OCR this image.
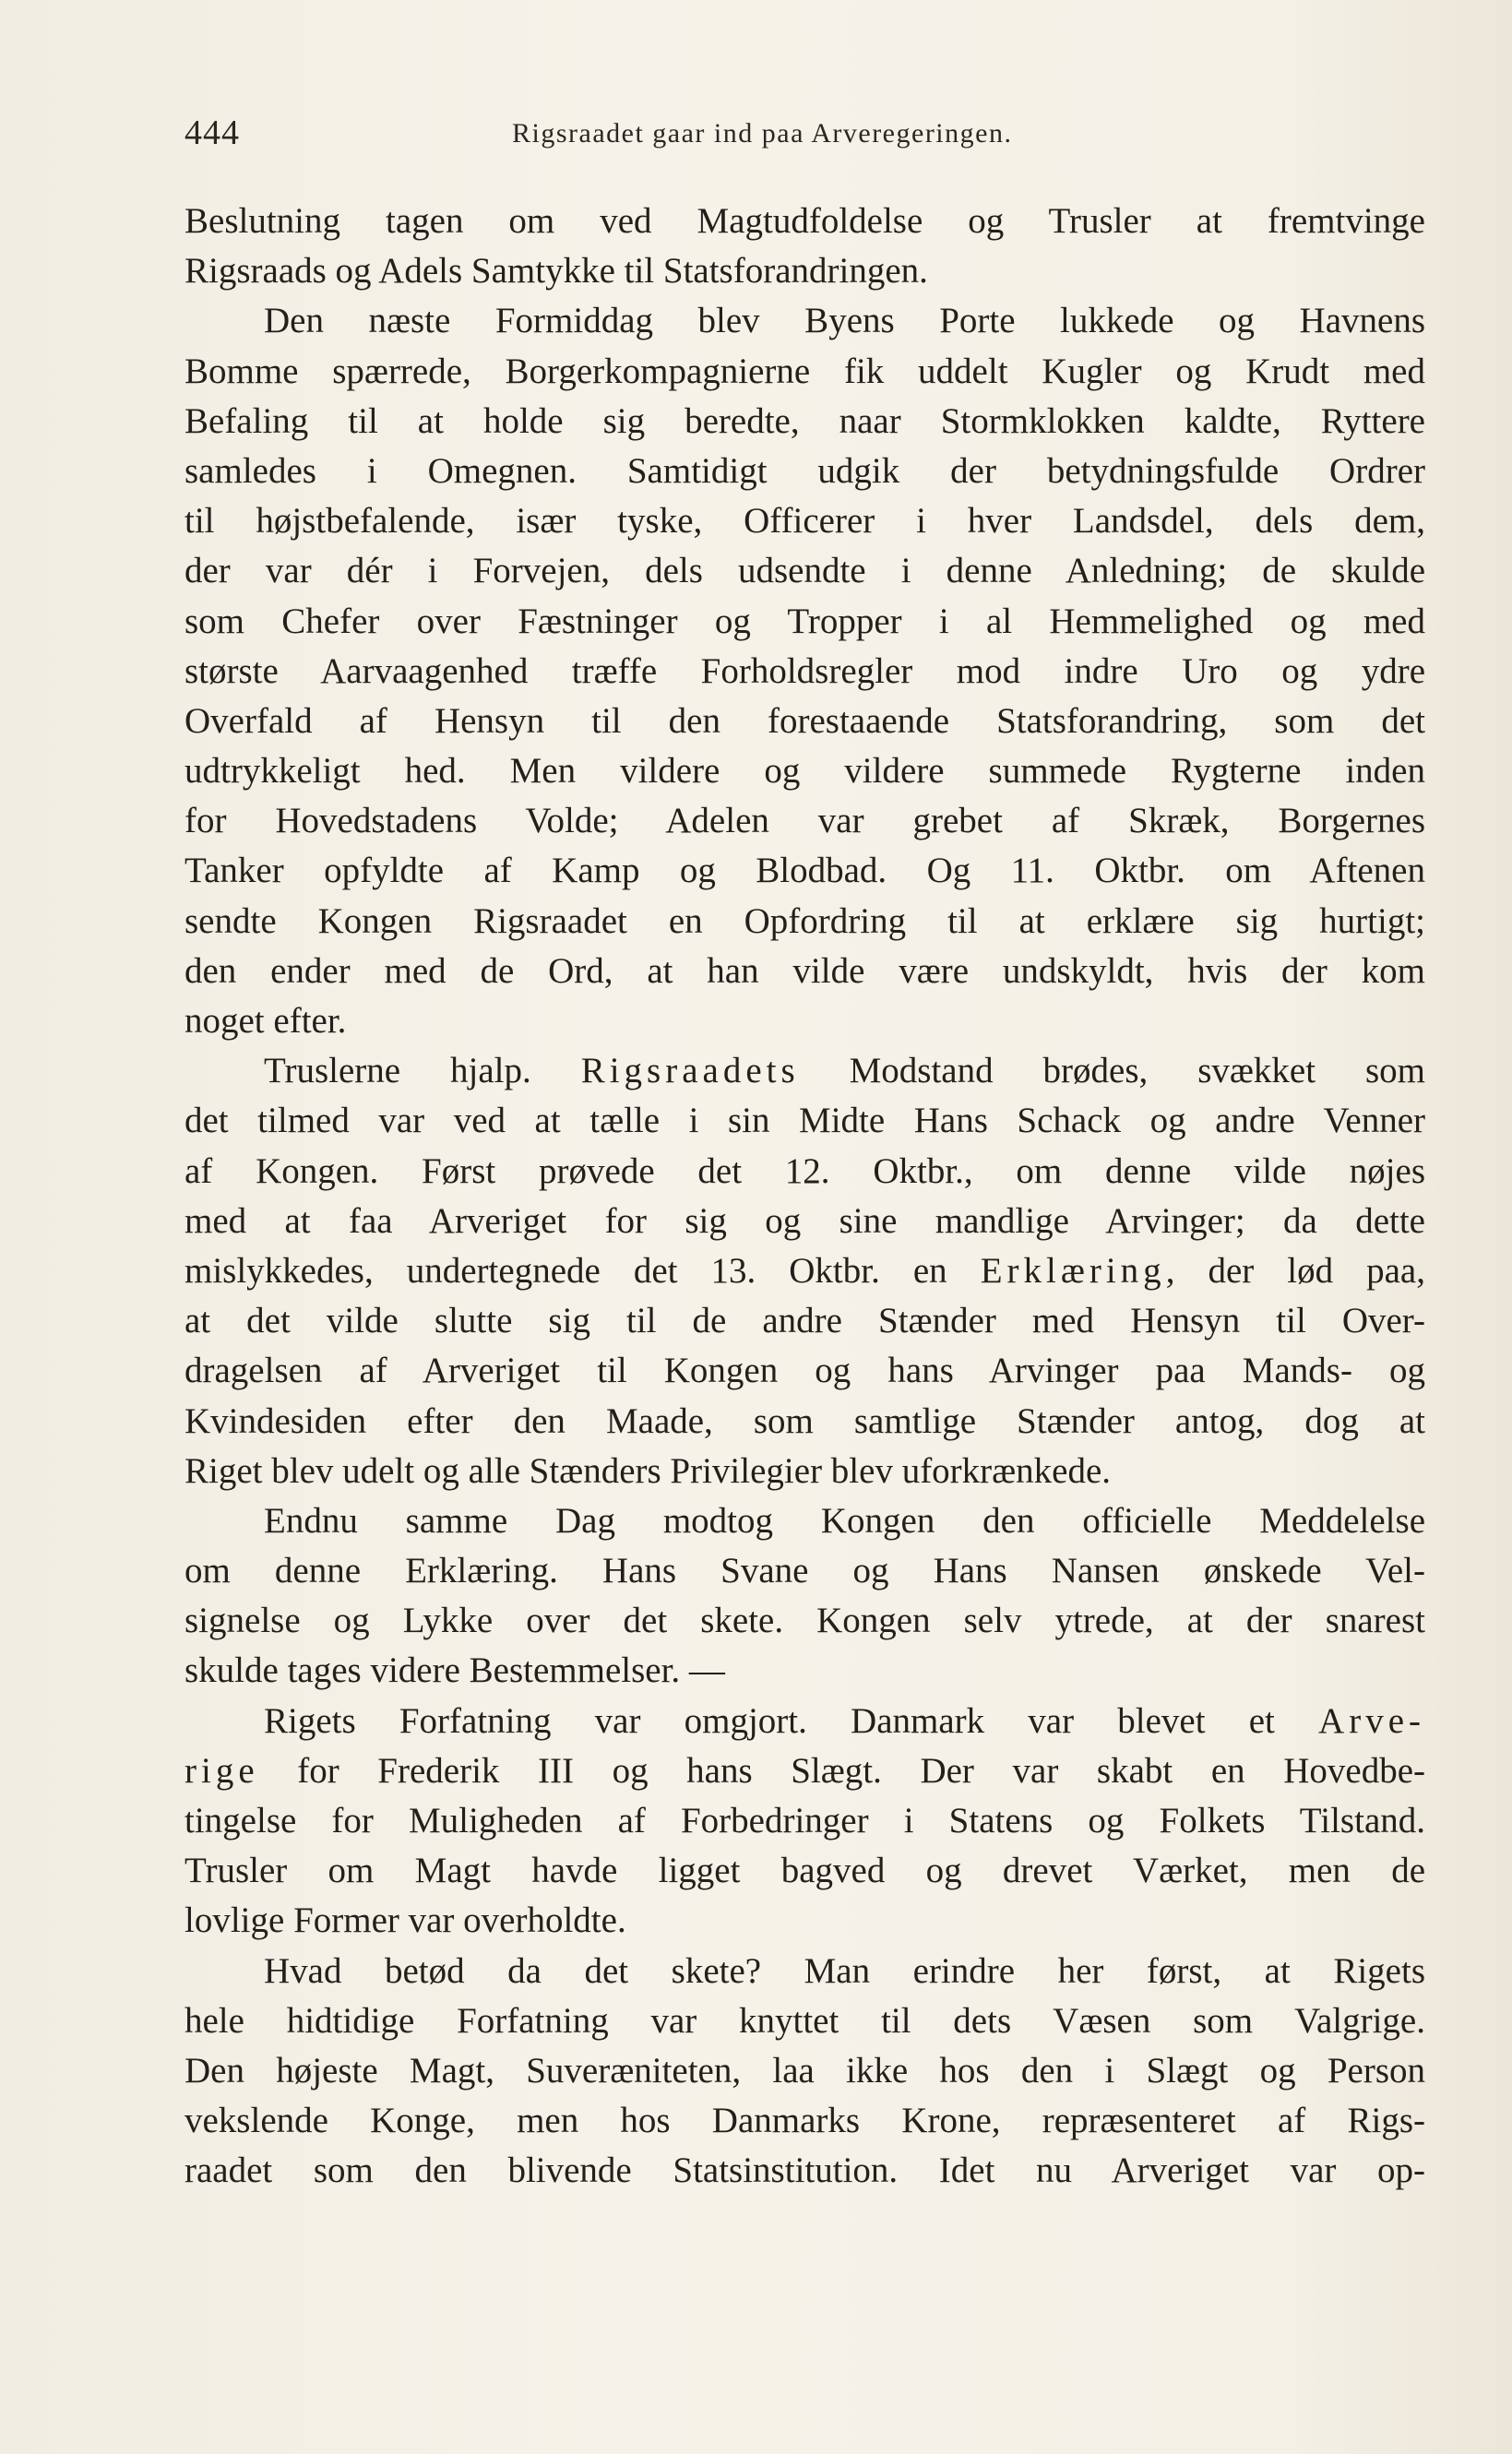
444	Rigsraadet gaar ind paa Arveregeringen.
Beslutning tagen om ved Magtudfoldelse og Trusler at fremtvinge
Rigsraads og Adels Samtykke til Statsforandringen.
Den næste Formiddag blev Byens Porte lukkede og Havnens
Bomme spærrede, Borgerkompagnierne fik uddelt Kugler og Krudt med
Befaling til at holde sig beredte, naar Stormklokken kaldte, Ryttere
samledes i Omegnen. Samtidigt udgik der betydningsfulde Ordrer
til højstbefalende, især tyske, Officerer i hver Landsdel, dels dem,
der var dér i Forvejen, dels udsendte i denne Anledning; de skulde
som Chefer over Fæstninger og Tropper i al Hemmelighed og med
største Aarvaagenhed træffe Forholdsregler mod indre Uro og ydre
Overfald af Hensyn til den forestaaende Statsforandring, som det
udtrykkeligt hed. Men vildere og vildere summede Rygterne inden
for Hovedstadens Volde; Adelen var grebet af Skræk, Borgernes
Tanker opfyldte af Kamp og Blodbad. Og 11. Oktbr. om Aftenen
sendte Kongen Rigsraadet en Opfordring til at erklære sig hurtigt;
den ender med de Ord, at han vilde være undskyldt, hvis der kom
noget efter.
Truslerne hjalp. Rigsraadets Modstand brødes, svækket som
det tilmed var ved at tælle i sin Midte Hans Schack og andre Venner
af Kongen. Først prøvede det 12. Oktbr., om denne vilde nøjes
med at faa Arveriget for sig og sine mandlige Arvinger; da dette
mislykkedes, undertegnede det 13. Oktbr. en Erklæring, der lød paa,
at det vilde slutte sig til de andre Stænder med Hensyn til Over-
dragelsen af Arveriget til Kongen og hans Arvinger paa Mands- og
Kvindesiden efter den Maade, som samtlige Stænder antog, dog at
Riget blev udelt og alle Stænders Privilegier blev uforkrænkede.
Endnu samme Dag modtog Kongen den officielle Meddelelse
om denne Erklæring. Hans Svane og Hans Nansen ønskede Vel-
signelse og Lykke over det skete. Kongen selv ytrede, at der snarest
skulde tages videre Bestemmelser. —
Rigets Forfatning var omgjort. Danmark var blevet et Arve-
rige for Frederik III og hans Slægt. Der var skabt en Hovedbe-
tingelse for Muligheden af Forbedringer i Statens og Folkets Tilstand.
Trusler om Magt havde ligget bagved og drevet Værket, men de
lovlige Former var overholdte.
Hvad betød da det skete? Man erindre her først, at Rigets
hele hidtidige Forfatning var knyttet til dets Væsen som Valgrige.
Den højeste Magt, Suveræniteten, laa ikke hos den i Slægt og Person
vekslende Konge, men hos Danmarks Krone, repræsenteret af Rigs-
raadet som den blivende Statsinstitution. Idet nu Arveriget var op-
